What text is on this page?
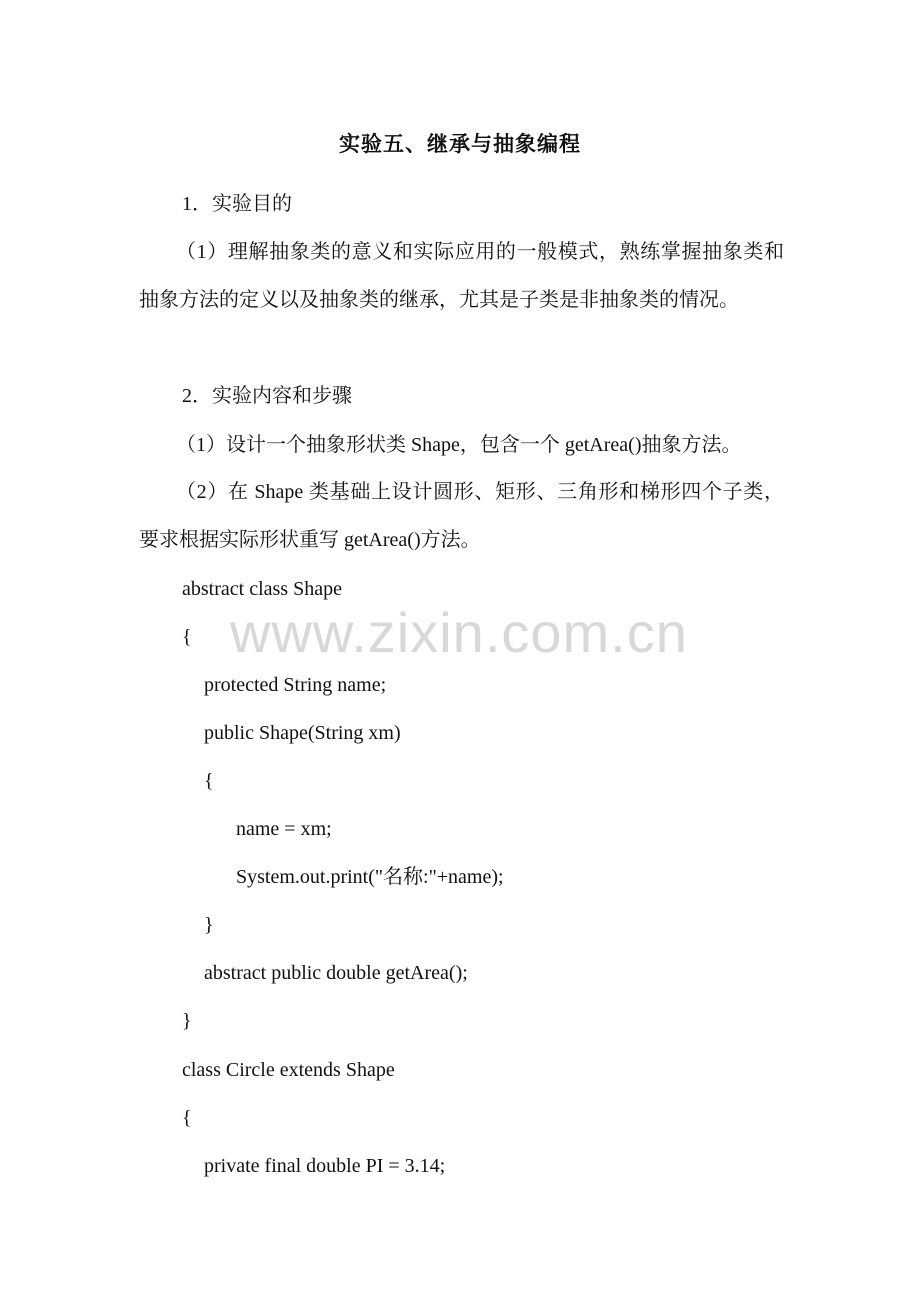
实验五、继承与抽象编程
1．实验目的
（1）理解抽象类的意义和实际应用的一般模式，熟练掌握抽象类和抽象方法的定义以及抽象类的继承，尤其是子类是非抽象类的情况。
2．实验内容和步骤
（1）设计一个抽象形状类 Shape，包含一个 getArea()抽象方法。
（2）在 Shape 类基础上设计圆形、矩形、三角形和梯形四个子类，要求根据实际形状重写 getArea()方法。
www.zixin.com.cn
abstract class Shape
{
protected String name;
public Shape(String xm)
{
name = xm;
System.out.print("名称:"+name);
}
abstract public double getArea();
}
class Circle extends Shape
{
private final double PI = 3.14;
